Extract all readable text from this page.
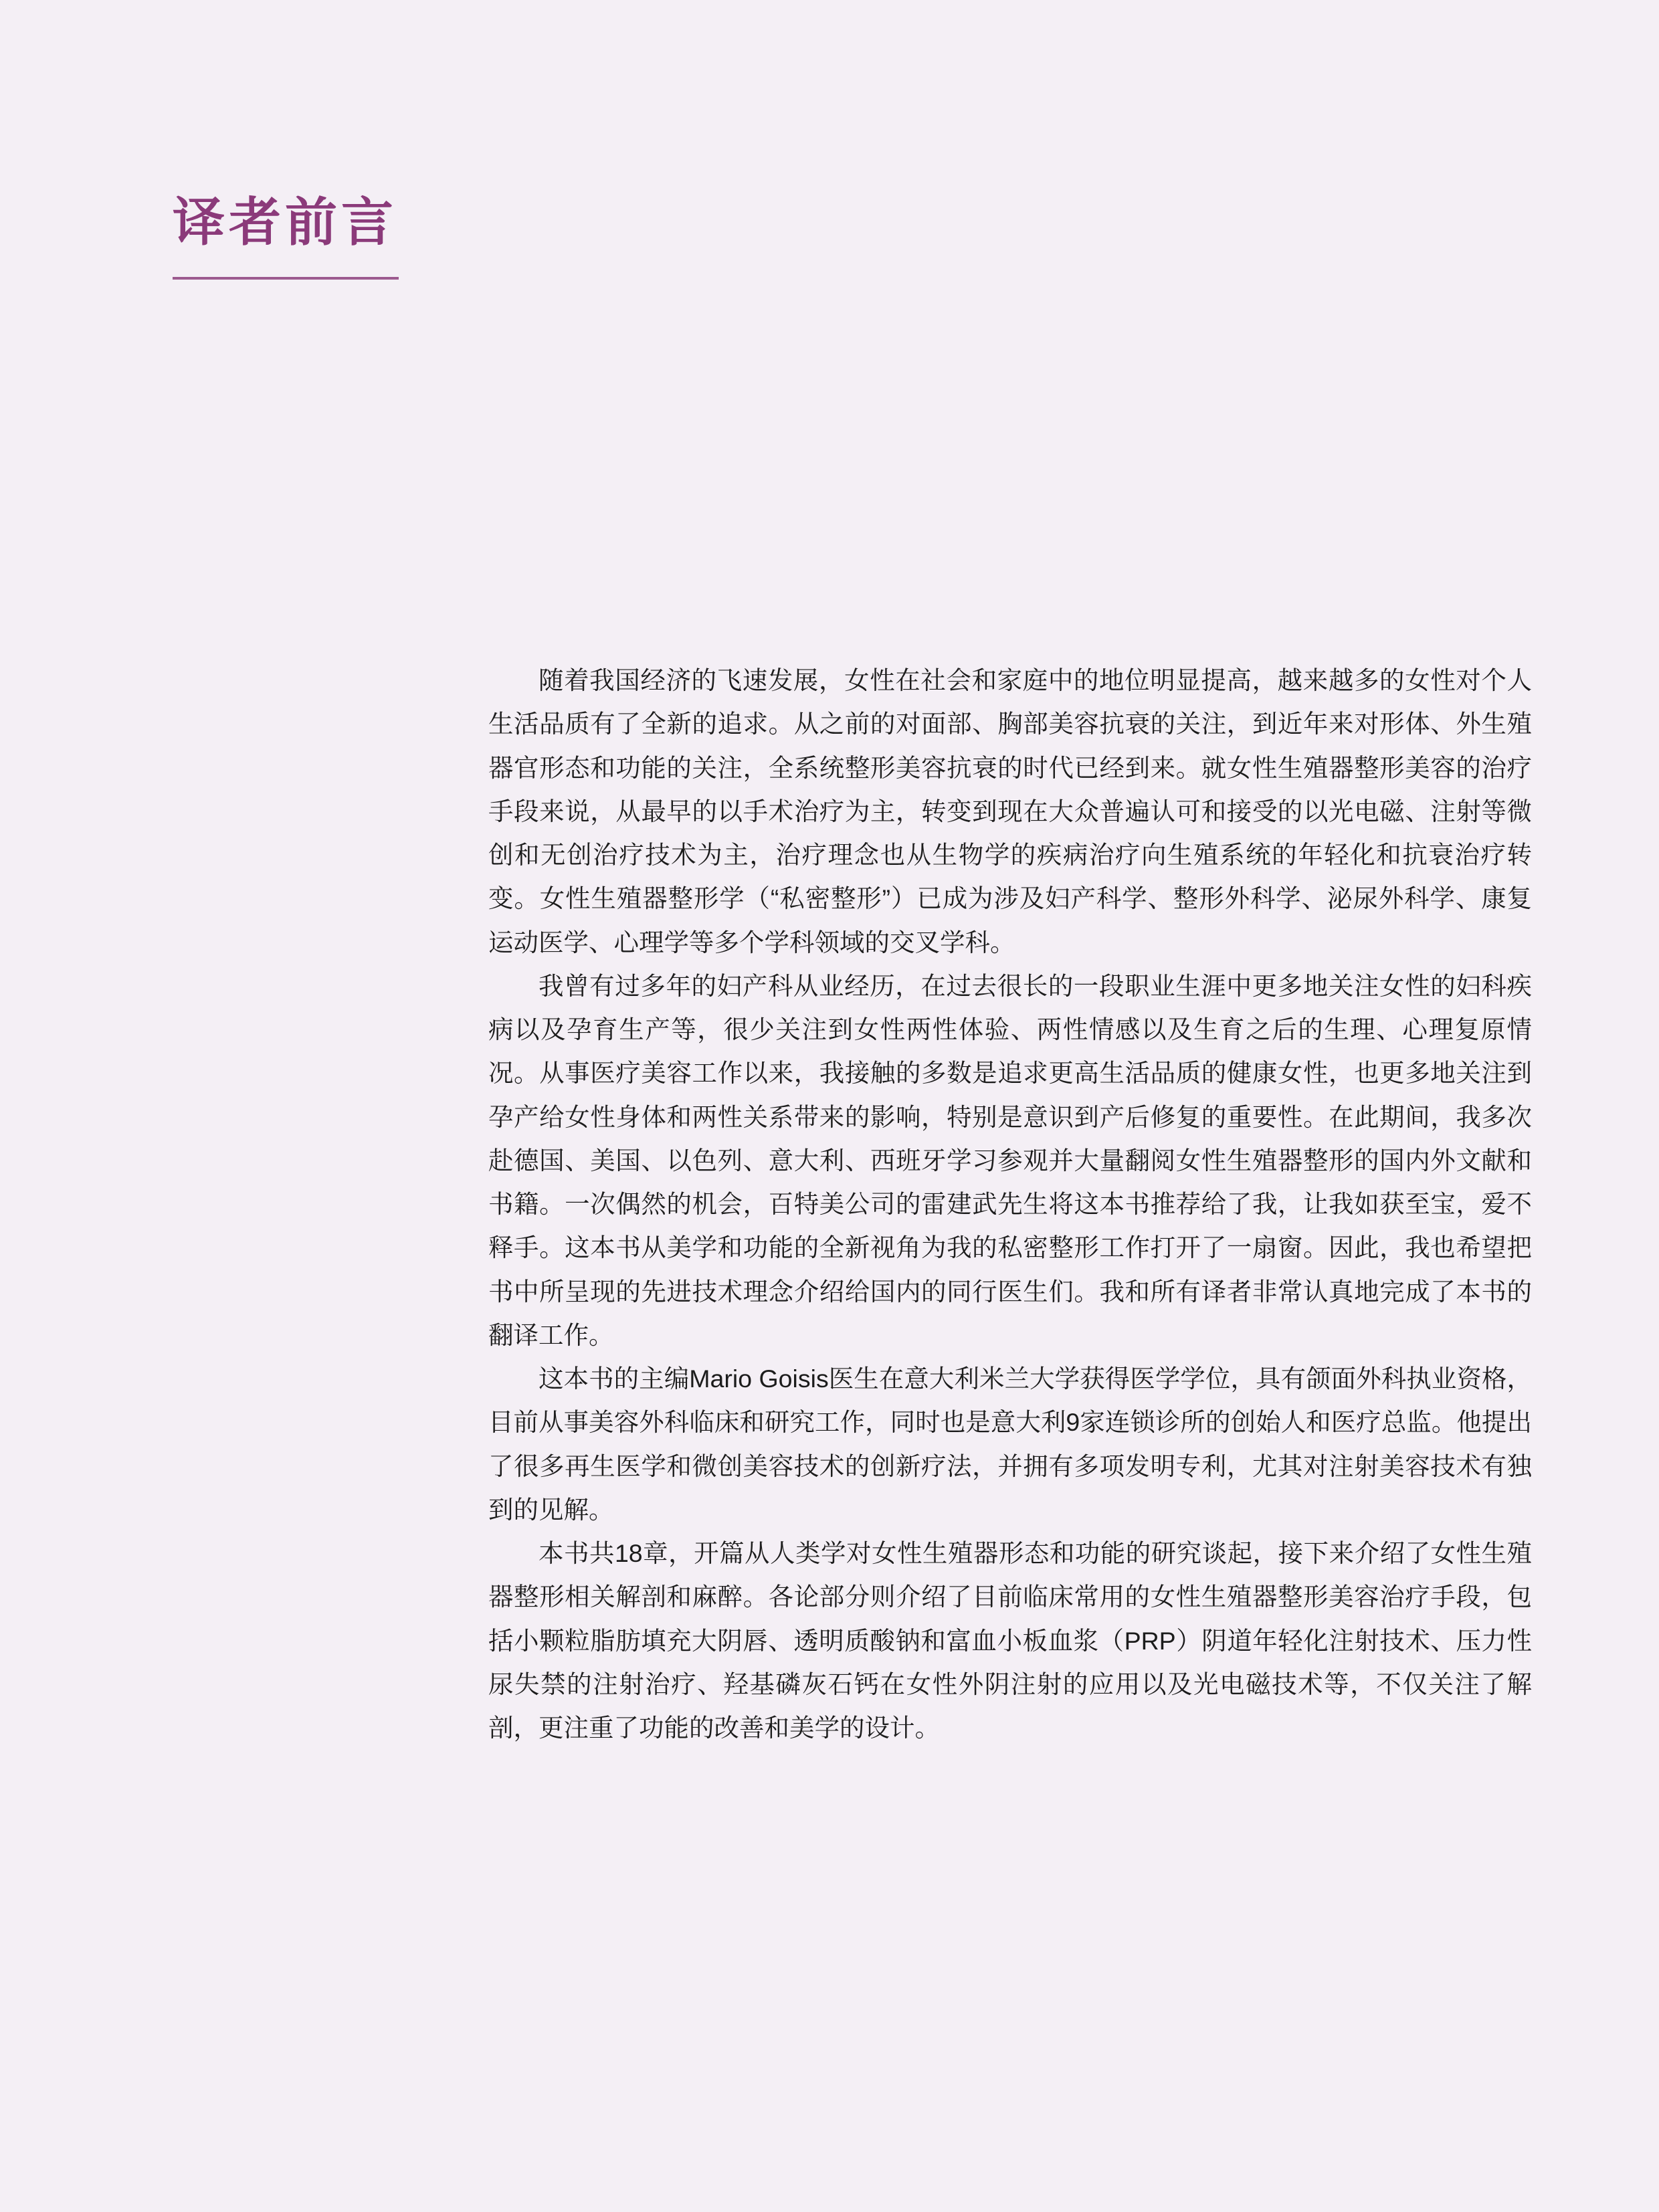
译者前言

随着我国经济的飞速发展，女性在社会和家庭中的地位明显提高，越来越多的女性对个人生活品质有了全新的追求。从之前的对面部、胸部美容抗衰的关注，到近年来对形体、外生殖器官形态和功能的关注，全系统整形美容抗衰的时代已经到来。就女性生殖器整形美容的治疗手段来说，从最早的以手术治疗为主，转变到现在大众普遍认可和接受的以光电磁、注射等微创和无创治疗技术为主，治疗理念也从生物学的疾病治疗向生殖系统的年轻化和抗衰治疗转变。女性生殖器整形学（“私密整形”）已成为涉及妇产科学、整形外科学、泌尿外科学、康复运动医学、心理学等多个学科领域的交叉学科。

我曾有过多年的妇产科从业经历，在过去很长的一段职业生涯中更多地关注女性的妇科疾病以及孕育生产等，很少关注到女性两性体验、两性情感以及生育之后的生理、心理复原情况。从事医疗美容工作以来，我接触的多数是追求更高生活品质的健康女性，也更多地关注到孕产给女性身体和两性关系带来的影响，特别是意识到产后修复的重要性。在此期间，我多次赴德国、美国、以色列、意大利、西班牙学习参观并大量翻阅女性生殖器整形的国内外文献和书籍。一次偶然的机会，百特美公司的雷建武先生将这本书推荐给了我，让我如获至宝，爱不释手。这本书从美学和功能的全新视角为我的私密整形工作打开了一扇窗。因此，我也希望把书中所呈现的先进技术理念介绍给国内的同行医生们。我和所有译者非常认真地完成了本书的翻译工作。

这本书的主编Mario Goisis医生在意大利米兰大学获得医学学位，具有颌面外科执业资格，目前从事美容外科临床和研究工作，同时也是意大利9家连锁诊所的创始人和医疗总监。他提出了很多再生医学和微创美容技术的创新疗法，并拥有多项发明专利，尤其对注射美容技术有独到的见解。

本书共18章，开篇从人类学对女性生殖器形态和功能的研究谈起，接下来介绍了女性生殖器整形相关解剖和麻醉。各论部分则介绍了目前临床常用的女性生殖器整形美容治疗手段，包括小颗粒脂肪填充大阴唇、透明质酸钠和富血小板血浆（PRP）阴道年轻化注射技术、压力性尿失禁的注射治疗、羟基磷灰石钙在女性外阴注射的应用以及光电磁技术等，不仅关注了解剖，更注重了功能的改善和美学的设计。
